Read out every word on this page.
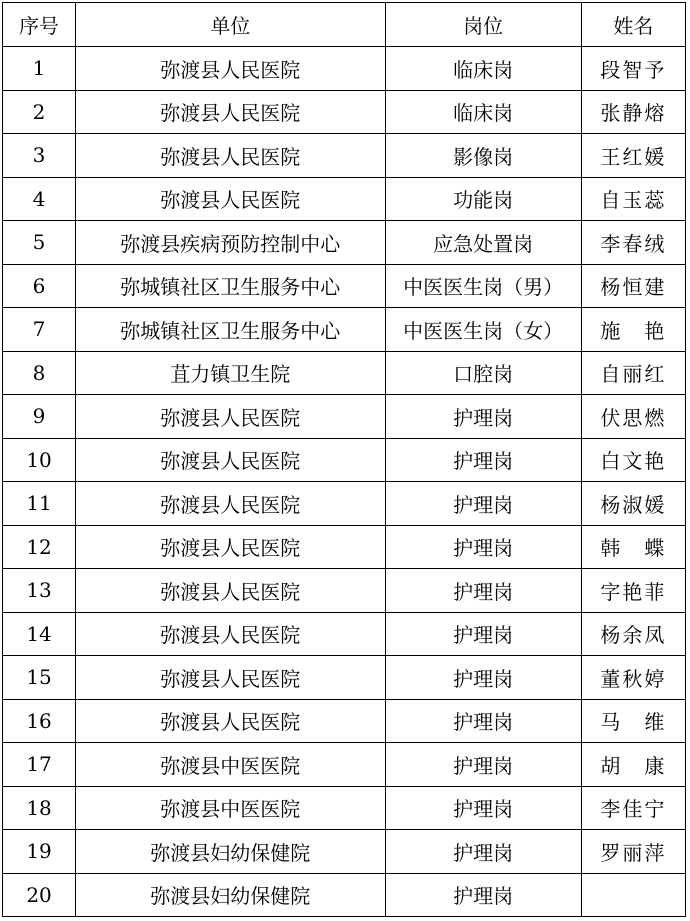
序号	单位	岗位	姓名
1	弥渡县人民医院	临床岗	段智予
2	弥渡县人民医院	临床岗	张静熔
3	弥渡县人民医院	影像岗	王红媛
4	弥渡县人民医院	功能岗	自玉蕊
5	弥渡县疾病预防控制中心	应急处置岗	李春绒
6	弥城镇社区卫生服务中心	中医医生岗（男）	杨恒建
7	弥城镇社区卫生服务中心	中医医生岗（女）	施　艳
8	苴力镇卫生院	口腔岗	自丽红
9	弥渡县人民医院	护理岗	伏思燃
10	弥渡县人民医院	护理岗	白文艳
11	弥渡县人民医院	护理岗	杨淑媛
12	弥渡县人民医院	护理岗	韩　蝶
13	弥渡县人民医院	护理岗	字艳菲
14	弥渡县人民医院	护理岗	杨余凤
15	弥渡县人民医院	护理岗	董秋婷
16	弥渡县人民医院	护理岗	马　维
17	弥渡县中医医院	护理岗	胡　康
18	弥渡县中医医院	护理岗	李佳宁
19	弥渡县妇幼保健院	护理岗	罗丽萍
20	弥渡县妇幼保健院	护理岗	
